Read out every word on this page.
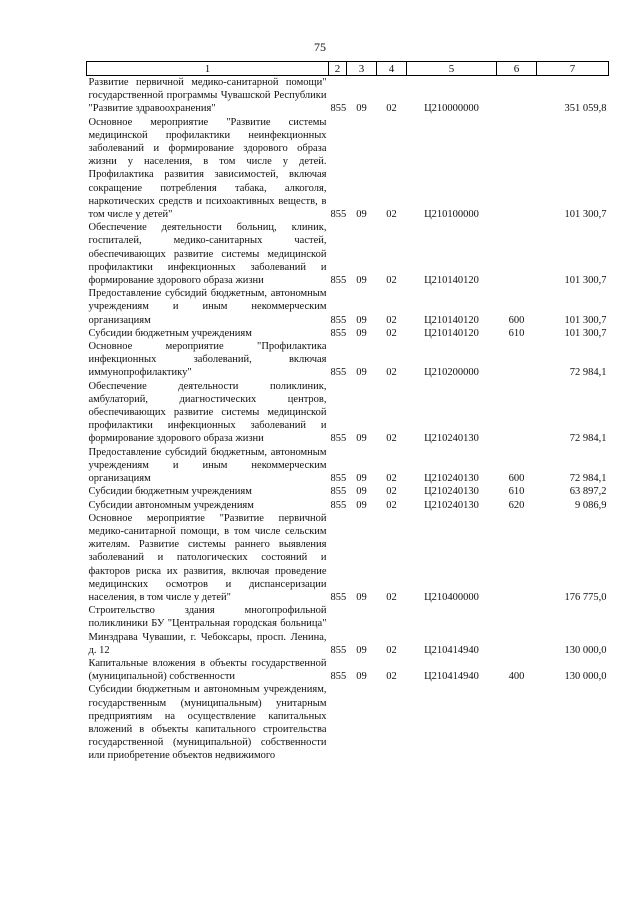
75
1	2	3	4	5	6	7
Развитие первичной медико-санитарной помощи" государственной программы Чувашской Республики "Развитие здравоохранения"	855	09	02	Ц210000000		351 059,8
Основное мероприятие "Развитие системы медицинской профилактики неинфекционных заболеваний и формирование здорового образа жизни у населения, в том числе у детей. Профилактика развития зависимостей, включая сокращение потребления табака, алкоголя, наркотических средств и психоактивных веществ, в том числе у детей"	855	09	02	Ц210100000		101 300,7
Обеспечение деятельности больниц, клиник, госпиталей, медико-санитарных частей, обеспечивающих развитие системы медицинской профилактики инфекционных заболеваний и формирование здорового образа жизни	855	09	02	Ц210140120		101 300,7
Предоставление субсидий бюджетным, автономным учреждениям и иным некоммерческим организациям	855	09	02	Ц210140120	600	101 300,7
Субсидии бюджетным учреждениям	855	09	02	Ц210140120	610	101 300,7
Основное мероприятие "Профилактика инфекционных заболеваний, включая иммунопрофилактику"	855	09	02	Ц210200000		72 984,1
Обеспечение деятельности поликлиник, амбулаторий, диагностических центров, обеспечивающих развитие системы медицинской профилактики инфекционных заболеваний и формирование здорового образа жизни	855	09	02	Ц210240130		72 984,1
Предоставление субсидий бюджетным, автономным учреждениям и иным некоммерческим организациям	855	09	02	Ц210240130	600	72 984,1
Субсидии бюджетным учреждениям	855	09	02	Ц210240130	610	63 897,2
Субсидии автономным учреждениям	855	09	02	Ц210240130	620	9 086,9
Основное мероприятие "Развитие первичной медико-санитарной помощи, в том числе сельским жителям. Развитие системы раннего выявления заболеваний и патологических состояний и факторов риска их развития, включая проведение медицинских осмотров и диспансеризации населения, в том числе у детей"	855	09	02	Ц210400000		176 775,0
Строительство здания многопрофильной поликлиники БУ "Центральная городская больница" Минздрава Чувашии, г. Чебоксары, просп. Ленина, д. 12	855	09	02	Ц210414940		130 000,0
Капитальные вложения в объекты государственной (муниципальной) собственности	855	09	02	Ц210414940	400	130 000,0
Субсидии бюджетным и автономным учреждениям, государственным (муниципальным) унитарным предприятиям на осуществление капитальных вложений в объекты капитального строительства государственной (муниципальной) собственности или приобретение объектов недвижимого						
